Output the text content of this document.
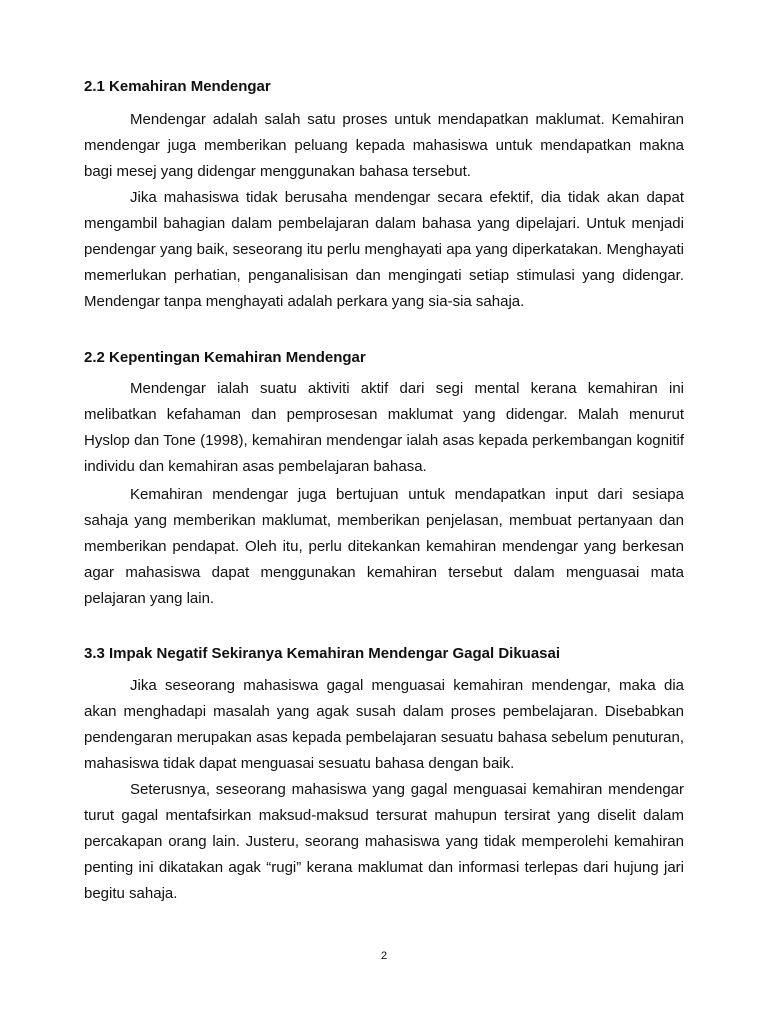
2.1 Kemahiran Mendengar

Mendengar adalah salah satu proses untuk mendapatkan maklumat. Kemahiran mendengar juga memberikan peluang kepada mahasiswa untuk mendapatkan makna bagi mesej yang didengar menggunakan bahasa tersebut.

Jika mahasiswa tidak berusaha mendengar secara efektif, dia tidak akan dapat mengambil bahagian dalam pembelajaran dalam bahasa yang dipelajari. Untuk menjadi pendengar yang baik, seseorang itu perlu menghayati apa yang diperkatakan. Menghayati memerlukan perhatian, penganalisisan dan mengingati setiap stimulasi yang didengar. Mendengar tanpa menghayati adalah perkara yang sia-sia sahaja.

2.2 Kepentingan Kemahiran Mendengar

Mendengar ialah suatu aktiviti aktif dari segi mental kerana kemahiran ini melibatkan kefahaman dan pemprosesan maklumat yang didengar. Malah menurut Hyslop dan Tone (1998), kemahiran mendengar ialah asas kepada perkembangan kognitif individu dan kemahiran asas pembelajaran bahasa.

Kemahiran mendengar juga bertujuan untuk mendapatkan input dari sesiapa sahaja yang memberikan maklumat, memberikan penjelasan, membuat pertanyaan dan memberikan pendapat. Oleh itu, perlu ditekankan kemahiran mendengar yang berkesan agar mahasiswa dapat menggunakan kemahiran tersebut dalam menguasai mata pelajaran yang lain.

3.3 Impak Negatif Sekiranya Kemahiran Mendengar Gagal Dikuasai

Jika seseorang mahasiswa gagal menguasai kemahiran mendengar, maka dia akan menghadapi masalah yang agak susah dalam proses pembelajaran. Disebabkan pendengaran merupakan asas kepada pembelajaran sesuatu bahasa sebelum penuturan, mahasiswa tidak dapat menguasai sesuatu bahasa dengan baik.

Seterusnya, seseorang mahasiswa yang gagal menguasai kemahiran mendengar turut gagal mentafsirkan maksud-maksud tersurat mahupun tersirat yang diselit dalam percakapan orang lain. Justeru, seorang mahasiswa yang tidak memperolehi kemahiran penting ini dikatakan agak “rugi” kerana maklumat dan informasi terlepas dari hujung jari begitu sahaja.

2
